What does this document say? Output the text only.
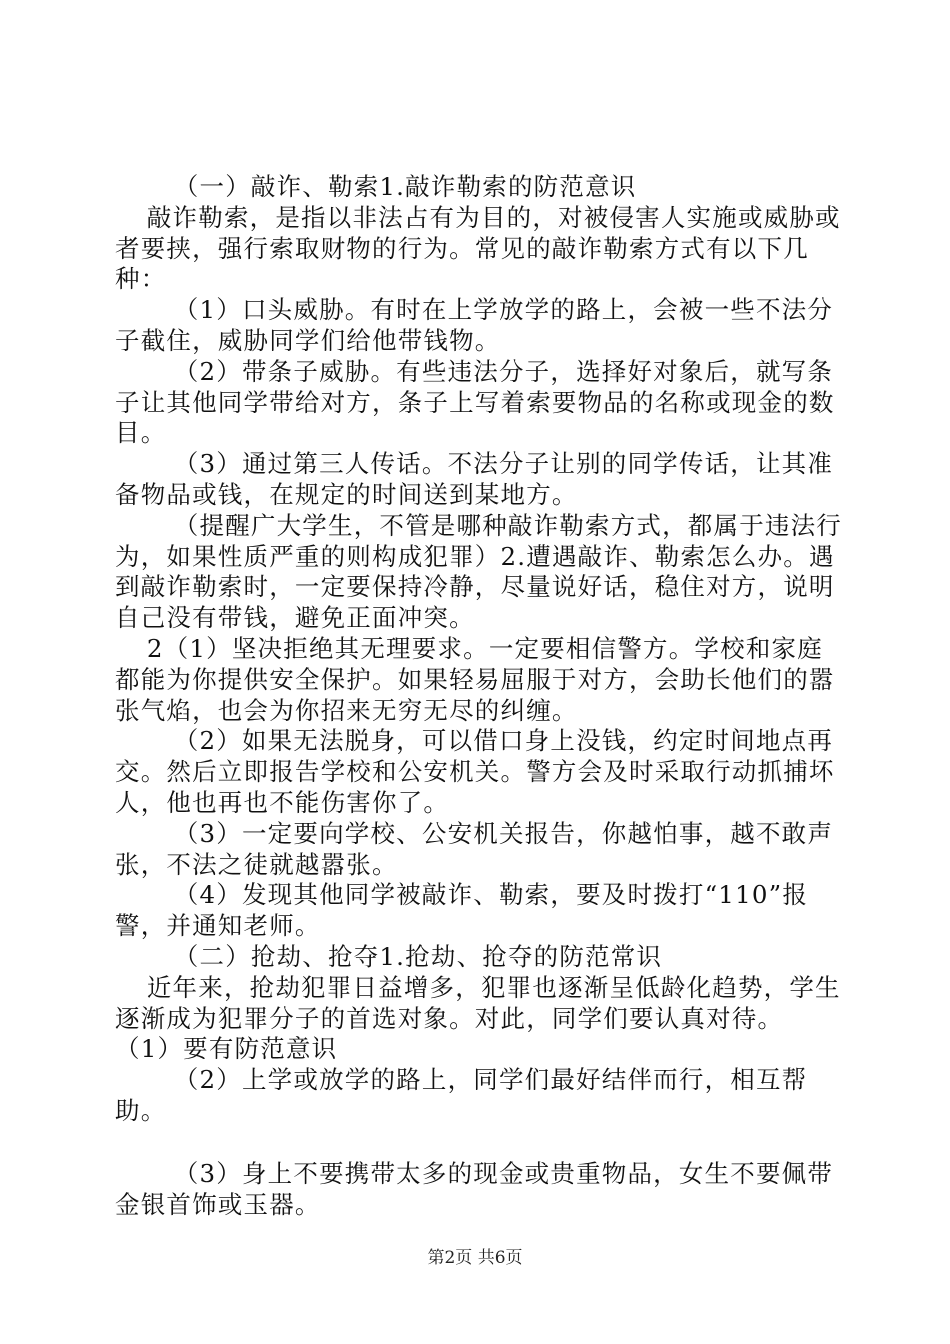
（一）敲诈、勒索1.敲诈勒索的防范意识

敲诈勒索，是指以非法占有为目的，对被侵害人实施或威胁或者要挟，强行索取财物的行为。常见的敲诈勒索方式有以下几种：

（1）口头威胁。有时在上学放学的路上，会被一些不法分子截住，威胁同学们给他带钱物。

（2）带条子威胁。有些违法分子，选择好对象后，就写条子让其他同学带给对方，条子上写着索要物品的名称或现金的数目。

（3）通过第三人传话。不法分子让别的同学传话，让其准备物品或钱，在规定的时间送到某地方。

（提醒广大学生，不管是哪种敲诈勒索方式，都属于违法行为，如果性质严重的则构成犯罪）2.遭遇敲诈、勒索怎么办。遇到敲诈勒索时，一定要保持冷静，尽量说好话，稳住对方，说明自己没有带钱，避免正面冲突。

2（1）坚决拒绝其无理要求。一定要相信警方。学校和家庭都能为你提供安全保护。如果轻易屈服于对方，会助长他们的嚣张气焰，也会为你招来无穷无尽的纠缠。

（2）如果无法脱身，可以借口身上没钱，约定时间地点再交。然后立即报告学校和公安机关。警方会及时采取行动抓捕坏人，他也再也不能伤害你了。

（3）一定要向学校、公安机关报告，你越怕事，越不敢声张，不法之徒就越嚣张。

（4）发现其他同学被敲诈、勒索，要及时拨打“110”报警，并通知老师。

（二）抢劫、抢夺1.抢劫、抢夺的防范常识

近年来，抢劫犯罪日益增多，犯罪也逐渐呈低龄化趋势，学生逐渐成为犯罪分子的首选对象。对此，同学们要认真对待。

（1）要有防范意识

（2）上学或放学的路上，同学们最好结伴而行，相互帮助。

（3）身上不要携带太多的现金或贵重物品，女生不要佩带金银首饰或玉器。

第2页 共6页
